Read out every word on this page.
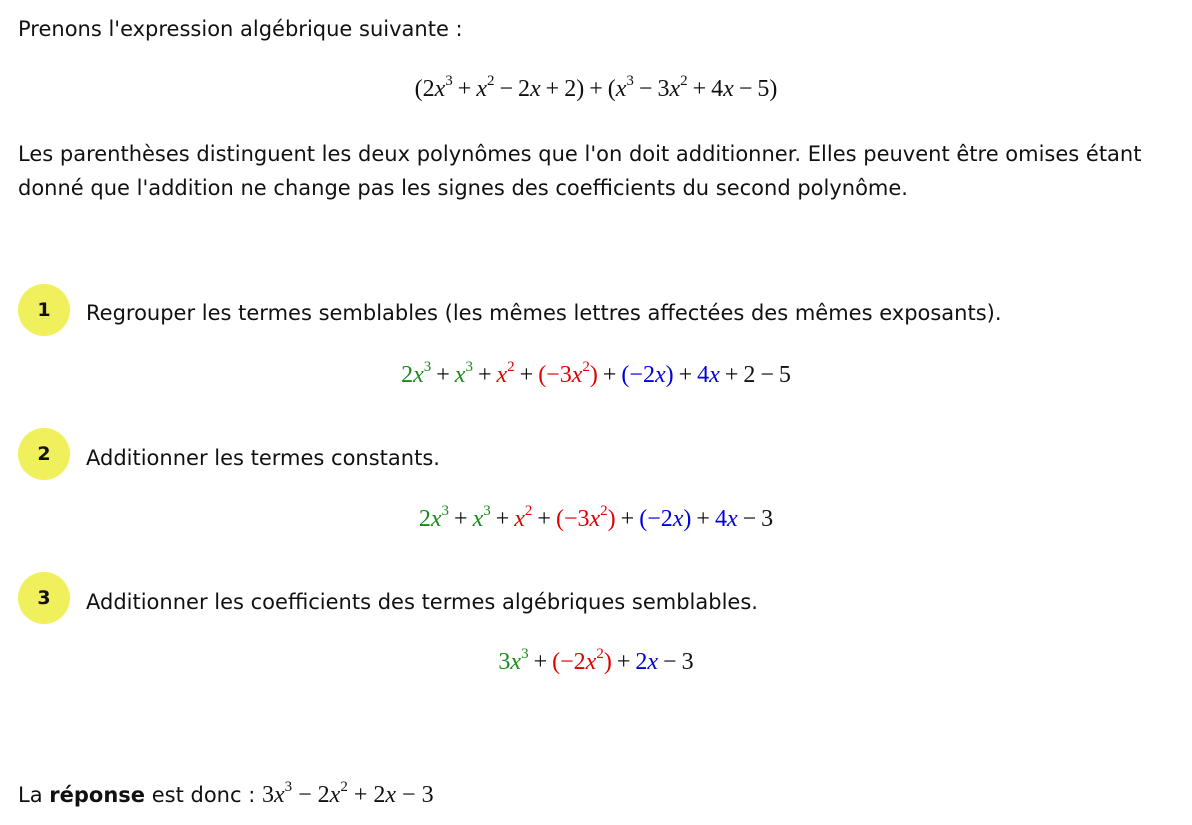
Prenons l'expression algébrique suivante :

$(2x^3 + x^2 - 2x + 2) + (x^3 - 3x^2 + 4x - 5)$

Les parenthèses distinguent les deux polynômes que l'on doit additionner. Elles peuvent être omises étant donné que l'addition ne change pas les signes des coefficients du second polynôme.

1	Regrouper les termes semblables (les mêmes lettres affectées des mêmes exposants).
$2x^3 + x^3 + x^2 + (-3x^2) + (-2x) + 4x + 2 - 5$
2	Additionner les termes constants.
$2x^3 + x^3 + x^2 + (-3x^2) + (-2x) + 4x - 3$
3	Additionner les coefficients des termes algébriques semblables.
$3x^3 + (-2x^2) + 2x - 3$
La réponse est donc : $3x^3 - 2x^2 + 2x - 3$
